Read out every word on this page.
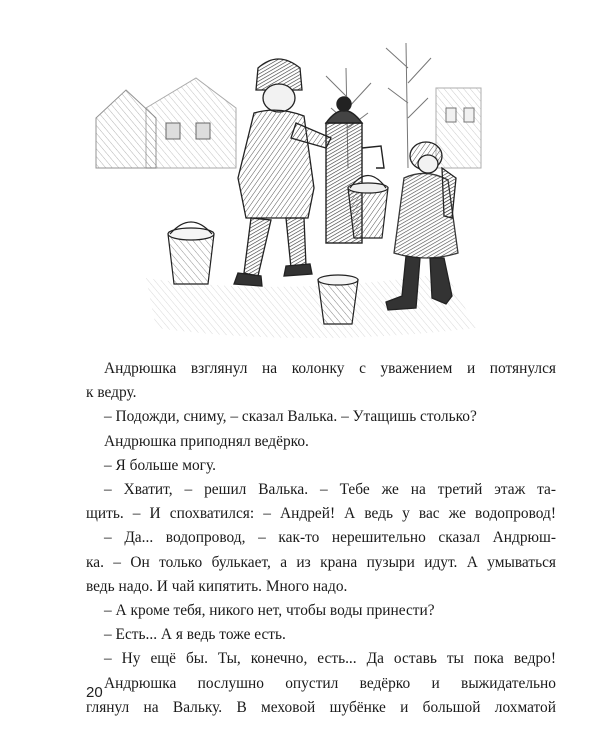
Андрюшка взглянул на колонку с уважением и потянулся

к ведру.

– Подожди, сниму, – сказал Валька. – Утащишь столько?

Андрюшка приподнял ведёрко.

– Я больше могу.

– Хватит, – решил Валька. – Тебе же на третий этаж та-

щить. – И спохватился: – Андрей! А ведь у вас же водопровод!

– Да... водопровод, – как-то нерешительно сказал Андрюш-

ка. – Он только булькает, а из крана пузыри идут. А умываться

ведь надо. И чай кипятить. Много надо.

– А кроме тебя, никого нет, чтобы воды принести?

– Есть... А я ведь тоже есть.

– Ну ещё бы. Ты, конечно, есть... Да оставь ты пока ведро!

Андрюшка послушно опустил ведёрко и выжидательно

глянул на Вальку. В меховой шубёнке и большой лохматой

20
